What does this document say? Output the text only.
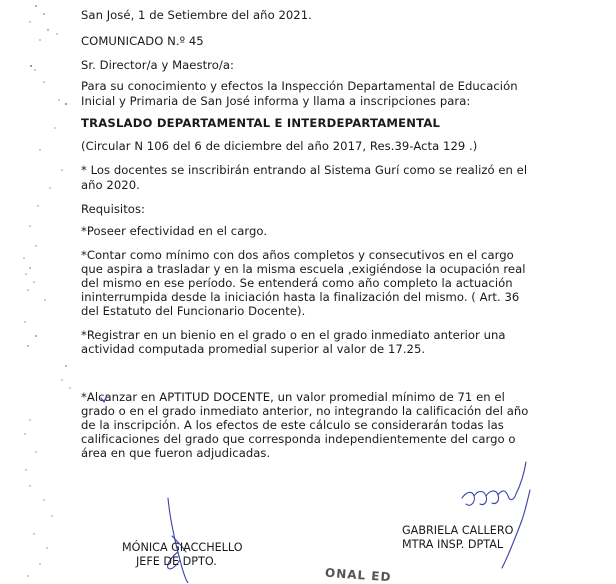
San José, 1 de Setiembre del año 2021.
COMUNICADO N.º 45
Sr. Director/a y Maestro/a:
Para su conocimiento y efectos la Inspección Departamental de Educación
Inicial y Primaria de San José informa y llama a inscripciones para:
TRASLADO DEPARTAMENTAL E INTERDEPARTAMENTAL
(Circular N 106 del 6 de diciembre del año 2017, Res.39-Acta 129 .)
* Los docentes se inscribirán entrando al Sistema Gurí como se realizó en el
año 2020.
Requisitos:
*Poseer efectividad en el cargo.
*Contar como mínimo con dos años completos y consecutivos en el cargo
que aspira a trasladar y en la misma escuela ,exigiéndose la ocupación real
del mismo en ese período. Se entenderá como año completo la actuación
ininterrumpida desde la iniciación hasta la finalización del mismo. ( Art. 36
del Estatuto del Funcionario Docente).
*Registrar en un bienio en el grado o en el grado inmediato anterior una
actividad computada promedial superior al valor de 17.25.
*Alcanzar en APTITUD DOCENTE, un valor promedial mínimo de 71 en el
grado o en el grado inmediato anterior, no integrando la calificación del año
de la inscripción. A los efectos de este cálculo se considerarán todas las
calificaciones del grado que corresponda independientemente del cargo o
área en que fueron adjudicadas.
MÓNICA GIACCHELLO
JEFE DE DPTO.
GABRIELA CALLERO
MTRA INSP. DPTAL
ONAL ED
